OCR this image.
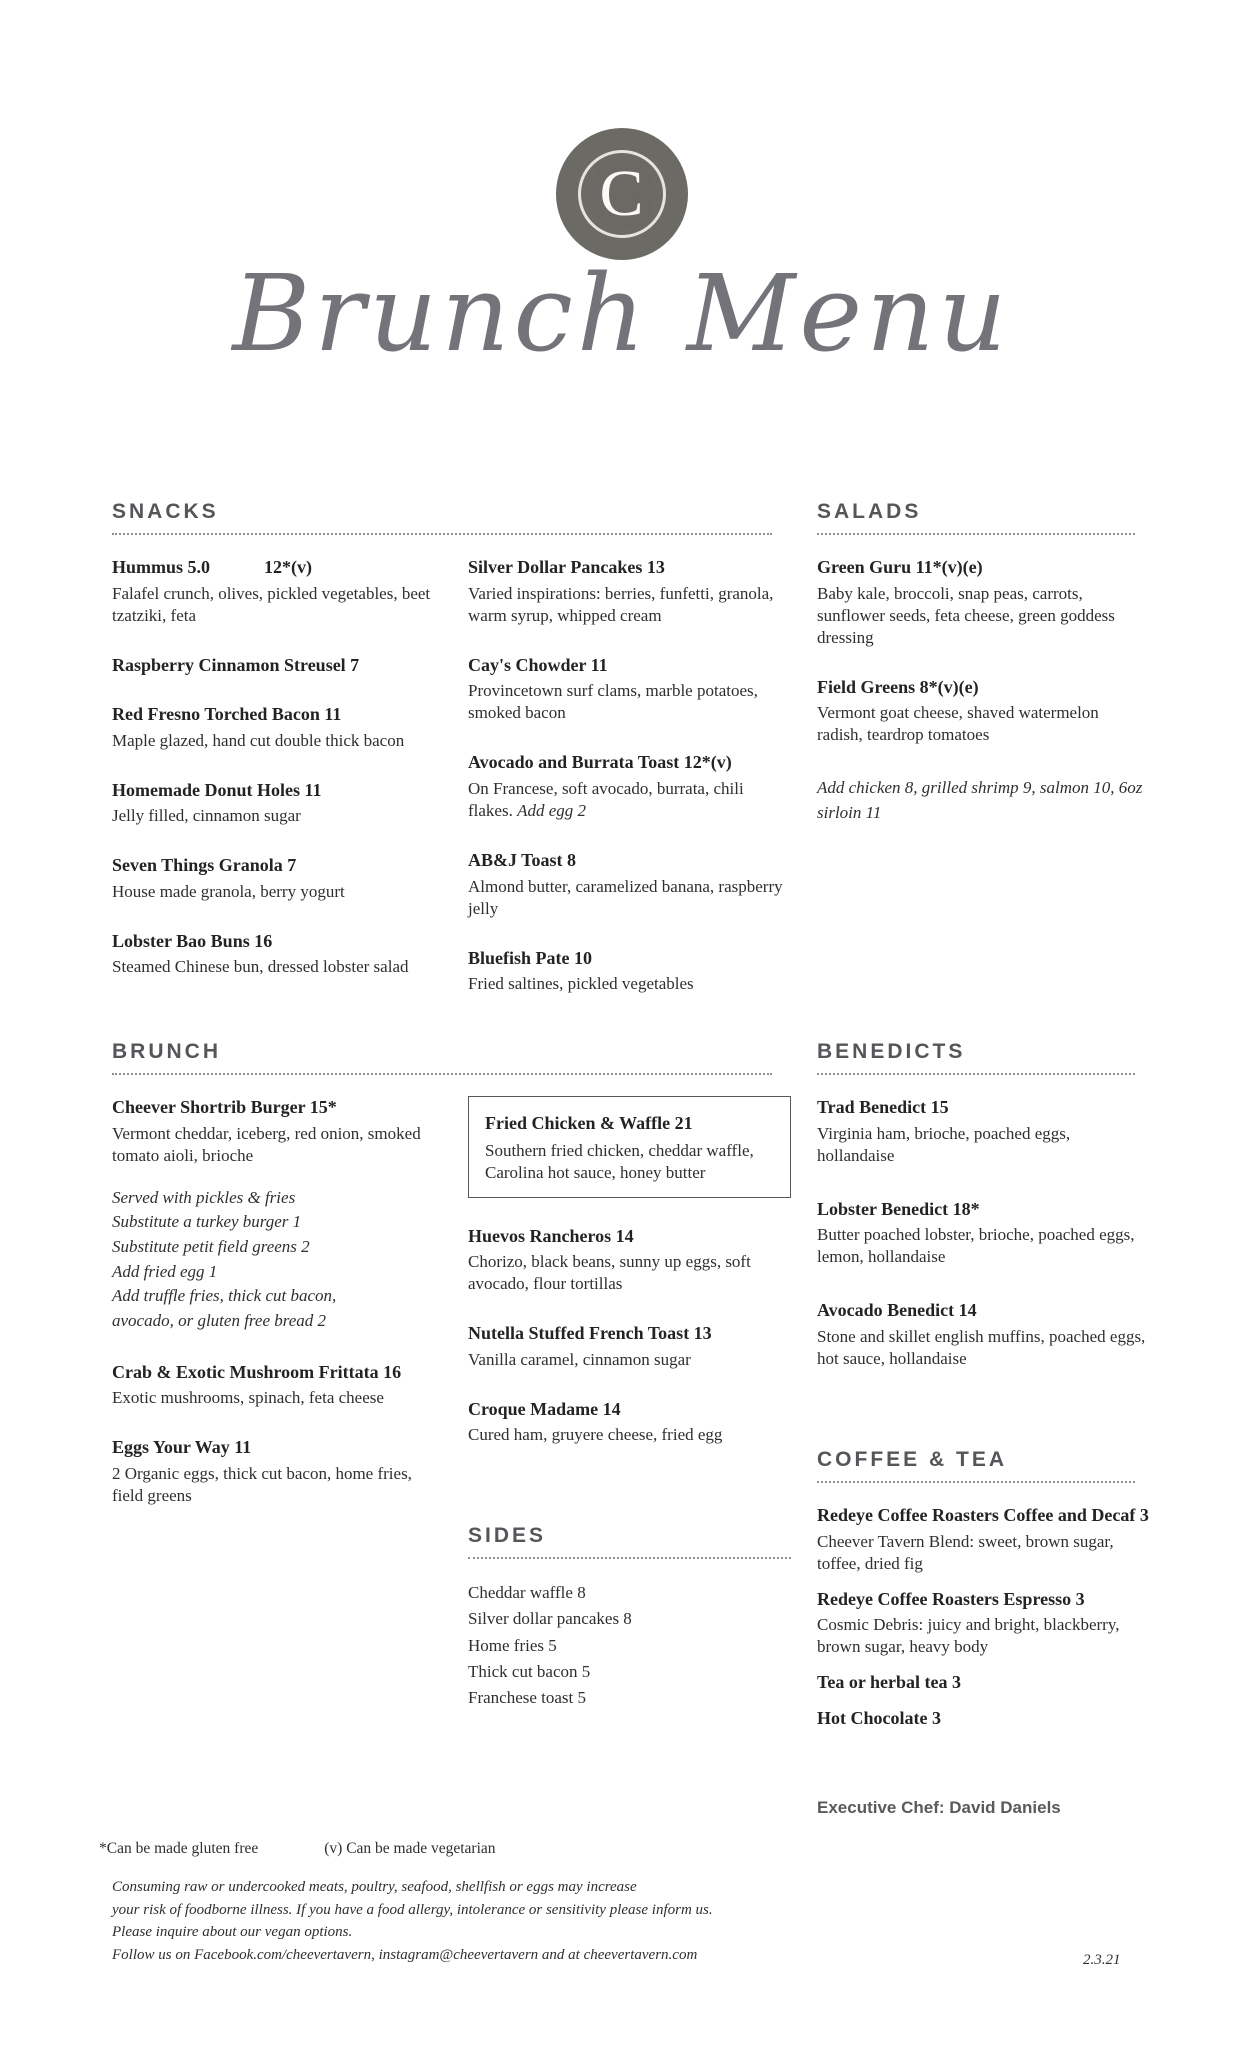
C
Brunch Menu
SNACKS
Hummus 5.0	12*(v)
Falafel crunch, olives, pickled vegetables, beet tzatziki, feta
Raspberry Cinnamon Streusel 7
Red Fresno Torched Bacon 11
Maple glazed, hand cut double thick bacon
Homemade Donut Holes 11
Jelly filled, cinnamon sugar
Seven Things Granola 7
House made granola, berry yogurt
Lobster Bao Buns 16
Steamed Chinese bun, dressed lobster salad
Silver Dollar Pancakes 13
Varied inspirations: berries, funfetti, granola, warm syrup, whipped cream
Cay's Chowder 11
Provincetown surf clams, marble potatoes, smoked bacon
Avocado and Burrata Toast 12*(v)
On Francese, soft avocado, burrata, chili flakes. Add egg 2
AB&J Toast 8
Almond butter, caramelized banana, raspberry jelly
Bluefish Pate 10
Fried saltines, pickled vegetables
SALADS
Green Guru 11*(v)(e)
Baby kale, broccoli, snap peas, carrots, sunflower seeds, feta cheese, green goddess dressing
Field Greens 8*(v)(e)
Vermont goat cheese, shaved watermelon radish, teardrop tomatoes
Add chicken 8, grilled shrimp 9, salmon 10, 6oz sirloin 11
BRUNCH
Cheever Shortrib Burger 15*
Vermont cheddar, iceberg, red onion, smoked tomato aioli, brioche
Served with pickles & fries
Substitute a turkey burger 1
Substitute petit field greens 2
Add fried egg 1
Add truffle fries, thick cut bacon,
avocado, or gluten free bread 2
Crab & Exotic Mushroom Frittata 16
Exotic mushrooms, spinach, feta cheese
Eggs Your Way 11
2 Organic eggs, thick cut bacon, home fries, field greens
Fried Chicken & Waffle 21
Southern fried chicken, cheddar waffle, Carolina hot sauce, honey butter
Huevos Rancheros 14
Chorizo, black beans, sunny up eggs, soft avocado, flour tortillas
Nutella Stuffed French Toast 13
Vanilla caramel, cinnamon sugar
Croque Madame 14
Cured ham, gruyere cheese, fried egg
SIDES
Cheddar waffle 8
Silver dollar pancakes 8
Home fries 5
Thick cut bacon 5
Franchese toast 5
BENEDICTS
Trad Benedict 15
Virginia ham, brioche, poached eggs, hollandaise
Lobster Benedict 18*
Butter poached lobster, brioche, poached eggs, lemon, hollandaise
Avocado Benedict 14
Stone and skillet english muffins, poached eggs, hot sauce, hollandaise
COFFEE & TEA
Redeye Coffee Roasters Coffee and Decaf 3
Cheever Tavern Blend: sweet, brown sugar, toffee, dried fig
Redeye Coffee Roasters Espresso 3
Cosmic Debris: juicy and bright, blackberry, brown sugar, heavy body
Tea or herbal tea 3
Hot Chocolate 3
Executive Chef: David Daniels
*Can be made gluten free	(v) Can be made vegetarian
Consuming raw or undercooked meats, poultry, seafood, shellfish or eggs may increase
your risk of foodborne illness. If you have a food allergy, intolerance or sensitivity please inform us.
Please inquire about our vegan options.
Follow us on Facebook.com/cheevertavern, instagram@cheevertavern and at cheevertavern.com	2.3.21
